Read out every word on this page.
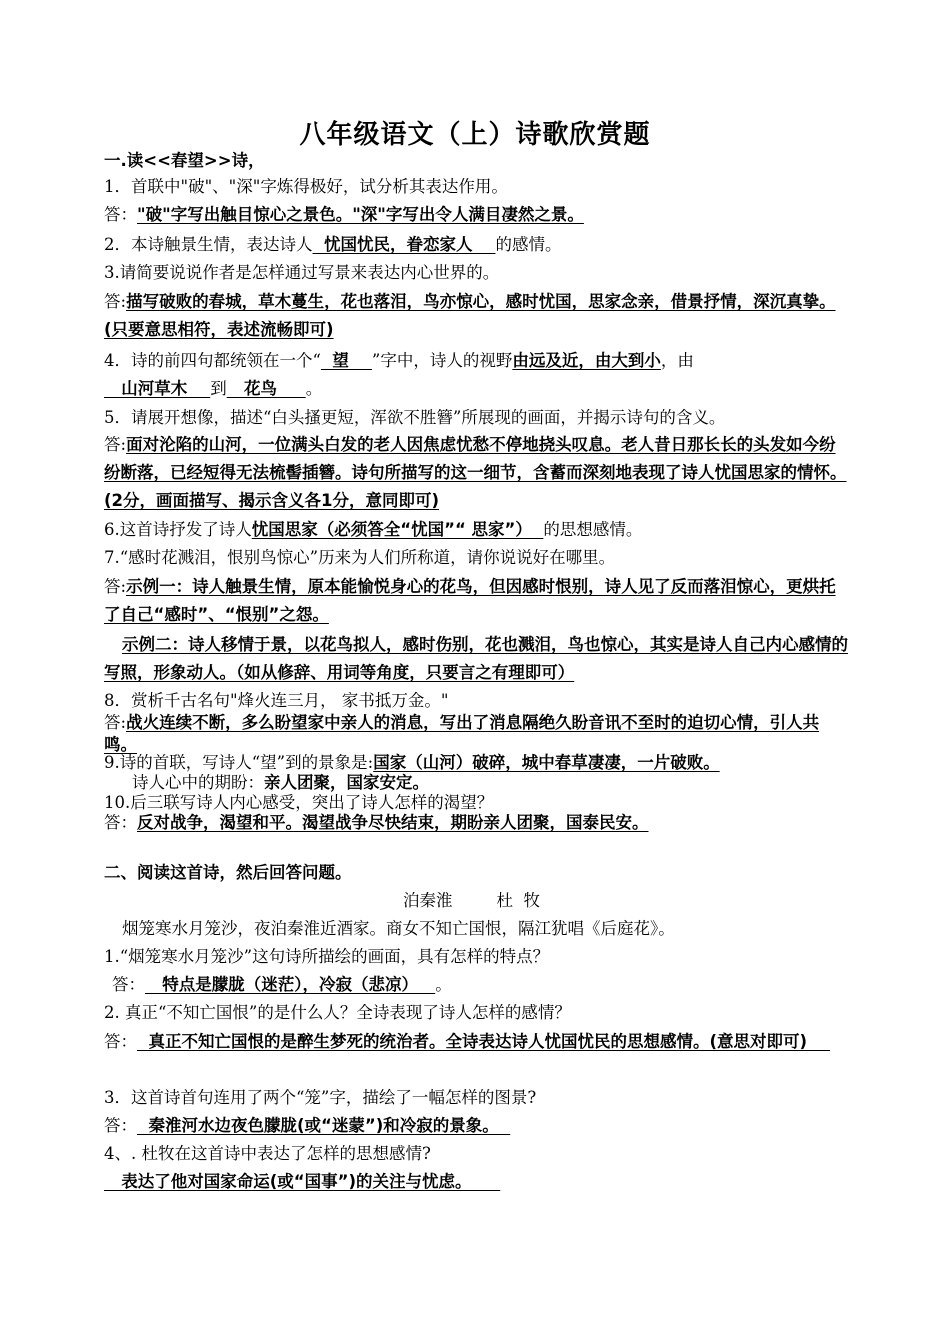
八年级语文（上）诗歌欣赏题
一.读<<春望>>诗，
1．首联中"破"、"深"字炼得极好，试分析其表达作用。
答："破"字写出触目惊心之景色。"深"字写出令人满目凄然之景。
2．本诗触景生情，表达诗人  忧国忧民，眷恋家人    的感情。
3.请简要说说作者是怎样通过写景来表达内心世界的。
答:描写破败的春城，草木蔓生，花也落泪，鸟亦惊心，感时忧国，思家念亲，借景抒情，深沉真挚。(只要意思相符，表述流畅即可)
4．诗的前四句都统领在一个“  望    ”字中，诗人的视野由远及近，由大到小，由
山河草木    到   花鸟     。
5．请展开想像，描述“白头搔更短，浑欲不胜簪”所展现的画面，并揭示诗句的含义。
答:面对沦陷的山河，一位满头白发的老人因焦虑忧愁不停地挠头叹息。老人昔日那长长的头发如今纷纷断落，已经短得无法梳髻插簪。诗句所描写的这一细节，含蓄而深刻地表现了诗人忧国思家的情怀。(2分，画面描写、揭示含义各1分，意同即可)
6.这首诗抒发了诗人忧国思家（必须答全“忧国”“ 思家”）  的思想感情。
7.“感时花溅泪，恨别鸟惊心”历来为人们所称道，请你说说好在哪里。
答:示例一：诗人触景生情，原本能愉悦身心的花鸟，但因感时恨别，诗人见了反而落泪惊心，更烘托了自己“感时”、“恨别”之怨。
示例二：诗人移情于景，以花鸟拟人，感时伤别，花也溅泪，鸟也惊心，其实是诗人自己内心感情的写照，形象动人。（如从修辞、用词等角度，只要言之有理即可）
8．赏析千古名句"烽火连三月， 家书抵万金。"
答:战火连续不断，多么盼望家中亲人的消息，写出了消息隔绝久盼音讯不至时的迫切心情，引人共鸣。
9.诗的首联，写诗人“望”到的景象是:国家（山河）破碎，城中春草凄凄，一片破败。
诗人心中的期盼：亲人团聚，国家安定。
10.后三联写诗人内心感受，突出了诗人怎样的渴望？
答：反对战争，渴望和平。渴望战争尽快结束，期盼亲人团聚，国泰民安。
二、阅读这首诗，然后回答问题。
泊秦淮	杜  牧
烟笼寒水月笼沙，夜泊秦淮近酒家。商女不知亡国恨，隔江犹唱《后庭花》。
1.“烟笼寒水月笼沙”这句诗所描绘的画面，具有怎样的特点？
答：   特点是朦胧（迷茫），冷寂（悲凉）   。
2. 真正“不知亡国恨”的是什么人？全诗表现了诗人怎样的感情？
答：  真正不知亡国恨的是醉生梦死的统治者。全诗表达诗人忧国忧民的思想感情。(意思对即可)
3．这首诗首句连用了两个“笼”字，描绘了一幅怎样的图景?
答：  秦淮河水边夜色朦胧(或“迷蒙”)和冷寂的景象。
4、. 杜牧在这首诗中表达了怎样的思想感情?
表达了他对国家命运(或“国事”)的关注与忧虑。
